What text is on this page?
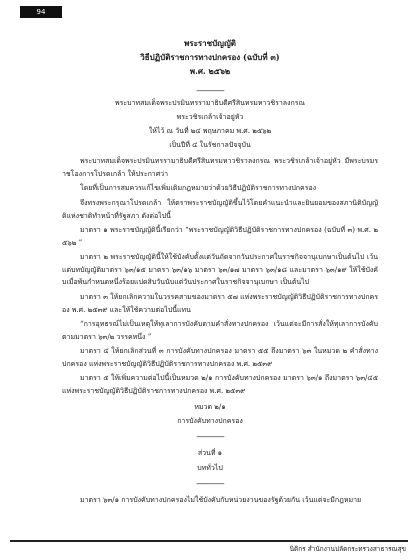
94
พระราชบัญญัติ
วิธีปฏิบัติราชการทางปกครอง (ฉบับที่ ๓)
พ.ศ. ๒๕๖๒
--------------------
พระบาทสมเด็จพระปรมินทรรามาธิบดีศรีสินทรมหาวชิราลงกรณ
พระวชิรเกล้าเจ้าอยู่หัว
ให้ไว้ ณ วันที่ ๒๔ พฤษภาคม พ.ศ. ๒๕๖๒
เป็นปีที่ ๔ ในรัชกาลปัจจุบัน
พระบาทสมเด็จพระปรมินทรรามาธิบดีศรีสินทรมหาวชิราลงกรณ พระวชิรเกล้าเจ้าอยู่หัว มีพระบรมราชโองการโปรดเกล้า ให้ประกาศว่า
โดยที่เป็นการสมควรแก้ไขเพิ่มเติมกฎหมายว่าด้วยวิธีปฏิบัติราชการทางปกครอง
จึงทรงพระกรุณาโปรดเกล้า ให้ตราพระราชบัญญัติขึ้นไว้โดยคำแนะนำและยินยอมของสภานิติบัญญัติแห่งชาติทำหน้าที่รัฐสภา ดังต่อไปนี้
มาตรา ๑ พระราชบัญญัตินี้เรียกว่า “พระราชบัญญัติวิธีปฏิบัติราชการทางปกครอง (ฉบับที่ ๓) พ.ศ. ๒๕๖๒ ”
มาตรา ๒ พระราชบัญญัตินี้ให้ใช้บังคับตั้งแต่วันถัดจากวันประกาศในราชกิจจานุเบกษาเป็นต้นไป เว้นแต่บทบัญญัติมาตรา ๖๓/๑๕ มาตรา ๖๓/๑๖ มาตรา ๖๓/๑๗ มาตรา ๖๓/๑๘ และมาตรา ๖๓/๑๙ ให้ใช้บังคับเมื่อพ้นกำหนดหนึ่งร้อยแปดสิบวันนับแต่วันประกาศในราชกิจจานุเบกษา เป็นต้นไป
มาตรา ๓ ให้ยกเลิกความในวรรคสามของมาตรา ๕๗ แห่งพระราชบัญญัติวิธีปฏิบัติราชการทางปกครอง พ.ศ. ๒๕๓๙ และให้ใช้ความต่อไปนี้แทน
“การอุทธรณ์ไม่เป็นเหตุให้ทุเลาการบังคับตามคำสั่งทางปกครอง เว้นแต่จะมีการสั่งให้ทุเลาการบังคับตามมาตรา ๖๓/๒ วรรคหนึ่ง ”
มาตรา ๔ ให้ยกเลิกส่วนที่ ๓ การบังคับทางปกครอง มาตรา ๕๕ ถึงมาตรา ๖๓ ในหมวด ๒ คำสั่งทางปกครอง แห่งพระราชบัญญัติวิธีปฏิบัติราชการทางปกครอง พ.ศ. ๒๕๓๙
มาตรา ๕ ให้เพิ่มความต่อไปนี้เป็นหมวด ๒/๑ การบังคับทางปกครอง มาตรา ๖๓/๑ ถึงมาตรา ๖๓/๔๕ แห่งพระราชบัญญัติวิธีปฏิบัติราชการทางปกครอง พ.ศ. ๒๕๓๙
หมวด ๒/๑
การบังคับทางปกครอง
--------------------
ส่วนที่ ๑
บททั่วไป
--------------------
มาตรา ๖๓/๑ การบังคับทางปกครองไม่ใช้บังคับกับหน่วยงานของรัฐด้วยกัน เว้นแต่จะมีกฎหมาย
นิติกร สำนักงานปลัดกระทรวงสาธารณสุข
